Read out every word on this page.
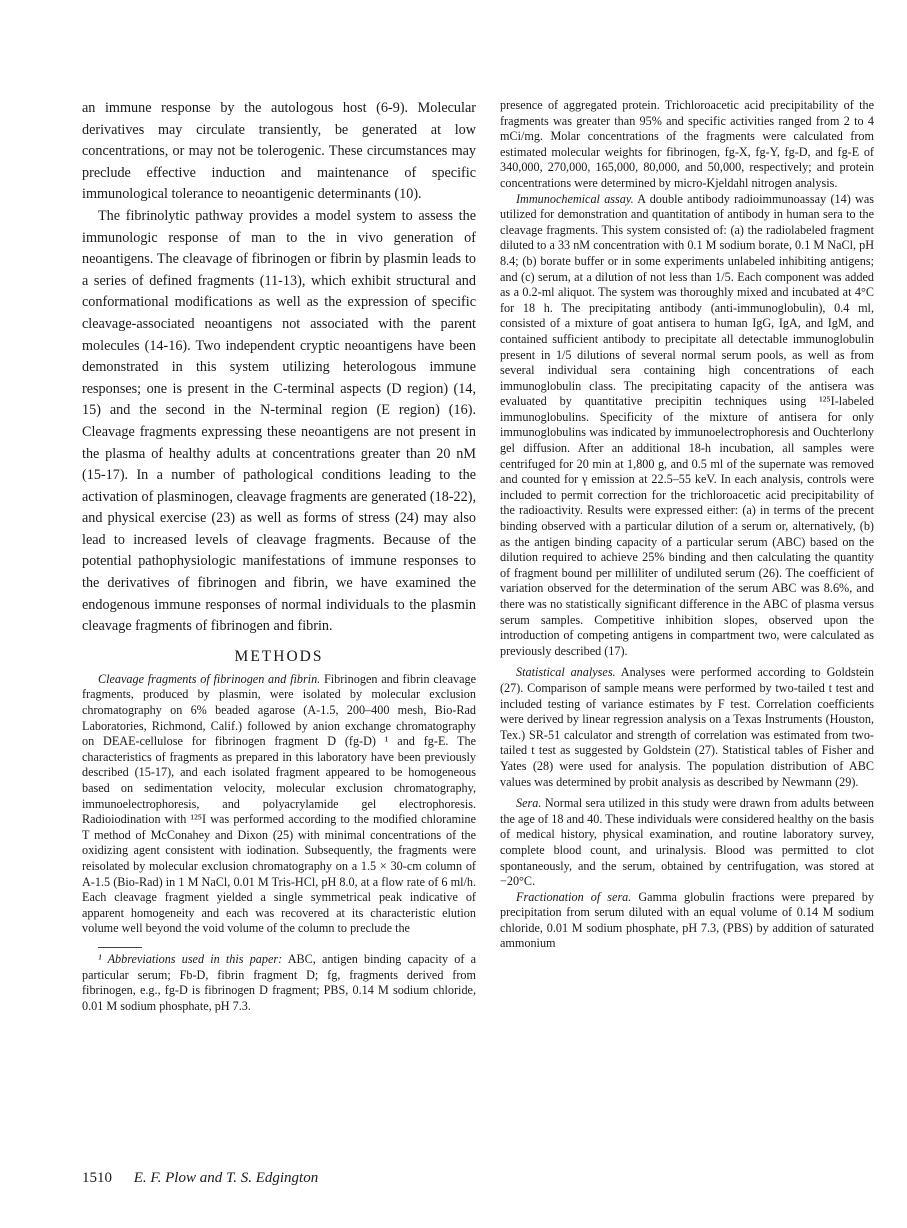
an immune response by the autologous host (6-9). Molecular derivatives may circulate transiently, be generated at low concentrations, or may not be tolerogenic. These circumstances may preclude effective induction and maintenance of specific immunological tolerance to neoantigenic determinants (10).

The fibrinolytic pathway provides a model system to assess the immunologic response of man to the in vivo generation of neoantigens. The cleavage of fibrinogen or fibrin by plasmin leads to a series of defined fragments (11-13), which exhibit structural and conformational modifications as well as the expression of specific cleavage-associated neoantigens not associated with the parent molecules (14-16). Two independent cryptic neoantigens have been demonstrated in this system utilizing heterologous immune responses; one is present in the C-terminal aspects (D region) (14, 15) and the second in the N-terminal region (E region) (16). Cleavage fragments expressing these neoantigens are not present in the plasma of healthy adults at concentrations greater than 20 nM (15-17). In a number of pathological conditions leading to the activation of plasminogen, cleavage fragments are generated (18-22), and physical exercise (23) as well as forms of stress (24) may also lead to increased levels of cleavage fragments. Because of the potential pathophysiologic manifestations of immune responses to the derivatives of fibrinogen and fibrin, we have examined the endogenous immune responses of normal individuals to the plasmin cleavage fragments of fibrinogen and fibrin.

METHODS

Cleavage fragments of fibrinogen and fibrin. Fibrinogen and fibrin cleavage fragments, produced by plasmin, were isolated by molecular exclusion chromatography on 6% beaded agarose (A-1.5, 200–400 mesh, Bio-Rad Laboratories, Richmond, Calif.) followed by anion exchange chromatography on DEAE-cellulose for fibrinogen fragment D (fg-D) ¹ and fg-E. The characteristics of fragments as prepared in this laboratory have been previously described (15-17), and each isolated fragment appeared to be homogeneous based on sedimentation velocity, molecular exclusion chromatography, immunoelectrophoresis, and polyacrylamide gel electrophoresis. Radioiodination with ¹²⁵I was performed according to the modified chloramine T method of McConahey and Dixon (25) with minimal concentrations of the oxidizing agent consistent with iodination. Subsequently, the fragments were reisolated by molecular exclusion chromatography on a 1.5 × 30-cm column of A-1.5 (Bio-Rad) in 1 M NaCl, 0.01 M Tris-HCl, pH 8.0, at a flow rate of 6 ml/h. Each cleavage fragment yielded a single symmetrical peak indicative of apparent homogeneity and each was recovered at its characteristic elution volume well beyond the void volume of the column to preclude the

¹ Abbreviations used in this paper: ABC, antigen binding capacity of a particular serum; Fb-D, fibrin fragment D; fg, fragments derived from fibrinogen, e.g., fg-D is fibrinogen D fragment; PBS, 0.14 M sodium chloride, 0.01 M sodium phosphate, pH 7.3.

presence of aggregated protein. Trichloroacetic acid precipitability of the fragments was greater than 95% and specific activities ranged from 2 to 4 mCi/mg. Molar concentrations of the fragments were calculated from estimated molecular weights for fibrinogen, fg-X, fg-Y, fg-D, and fg-E of 340,000, 270,000, 165,000, 80,000, and 50,000, respectively; and protein concentrations were determined by micro-Kjeldahl nitrogen analysis.

Immunochemical assay. A double antibody radioimmunoassay (14) was utilized for demonstration and quantitation of antibody in human sera to the cleavage fragments. This system consisted of: (a) the radiolabeled fragment diluted to a 33 nM concentration with 0.1 M sodium borate, 0.1 M NaCl, pH 8.4; (b) borate buffer or in some experiments unlabeled inhibiting antigens; and (c) serum, at a dilution of not less than 1/5. Each component was added as a 0.2-ml aliquot. The system was thoroughly mixed and incubated at 4°C for 18 h. The precipitating antibody (anti-immunoglobulin), 0.4 ml, consisted of a mixture of goat antisera to human IgG, IgA, and IgM, and contained sufficient antibody to precipitate all detectable immunoglobulin present in 1/5 dilutions of several normal serum pools, as well as from several individual sera containing high concentrations of each immunoglobulin class. The precipitating capacity of the antisera was evaluated by quantitative precipitin techniques using ¹²⁵I-labeled immunoglobulins. Specificity of the mixture of antisera for only immunoglobulins was indicated by immunoelectrophoresis and Ouchterlony gel diffusion. After an additional 18-h incubation, all samples were centrifuged for 20 min at 1,800 g, and 0.5 ml of the supernate was removed and counted for γ emission at 22.5–55 keV. In each analysis, controls were included to permit correction for the trichloroacetic acid precipitability of the radioactivity. Results were expressed either: (a) in terms of the precent binding observed with a particular dilution of a serum or, alternatively, (b) as the antigen binding capacity of a particular serum (ABC) based on the dilution required to achieve 25% binding and then calculating the quantity of fragment bound per milliliter of undiluted serum (26). The coefficient of variation observed for the determination of the serum ABC was 8.6%, and there was no statistically significant difference in the ABC of plasma versus serum samples. Competitive inhibition slopes, observed upon the introduction of competing antigens in compartment two, were calculated as previously described (17).

Statistical analyses. Analyses were performed according to Goldstein (27). Comparison of sample means were performed by two-tailed t test and included testing of variance estimates by F test. Correlation coefficients were derived by linear regression analysis on a Texas Instruments (Houston, Tex.) SR-51 calculator and strength of correlation was estimated from two-tailed t test as suggested by Goldstein (27). Statistical tables of Fisher and Yates (28) were used for analysis. The population distribution of ABC values was determined by probit analysis as described by Newmann (29).

Sera. Normal sera utilized in this study were drawn from adults between the age of 18 and 40. These individuals were considered healthy on the basis of medical history, physical examination, and routine laboratory survey, complete blood count, and urinalysis. Blood was permitted to clot spontaneously, and the serum, obtained by centrifugation, was stored at −20°C.

Fractionation of sera. Gamma globulin fractions were prepared by precipitation from serum diluted with an equal volume of 0.14 M sodium chloride, 0.01 M sodium phosphate, pH 7.3, (PBS) by addition of saturated ammonium

1510 E. F. Plow and T. S. Edgington
